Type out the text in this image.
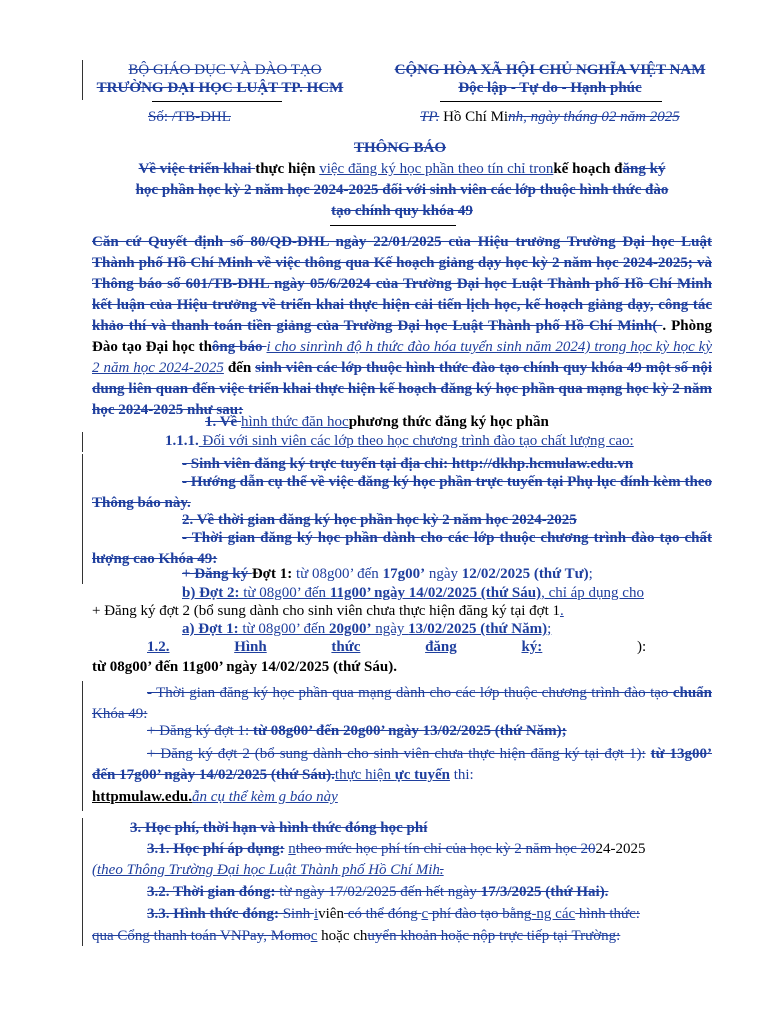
BỘ GIÁO DỤC VÀ ĐÀO TẠO
TRƯỜNG ĐẠI HỌC LUẬT TP. HCM
CỘNG HÒA XÃ HỘI CHỦ NGHĨA VIỆT NAM
Độc lập - Tự do - Hạnh phúc
Số: /TB-ĐHL	TP. Hồ Chí Minh, ngày tháng 02 năm 2025
THÔNG BÁO
Về việc triển khai thực hiện việc đăng ký học phần theo tín chỉ tronkế hoạch đăng ký
học phần học kỳ 2 năm học 2024-2025 đối với sinh viên các lớp thuộc hình thức đào
tạo chính quy khóa 49
Căn cứ Quyết định số 80/QĐ-ĐHL ngày 22/01/2025 của Hiệu trưởng Trường Đại học Luật Thành phố Hồ Chí Minh về việc thông qua Kế hoạch giảng dạy học kỳ 2 năm học 2024-2025; và Thông báo số 601/TB-ĐHL ngày 05/6/2024 của Trường Đại học Luật Thành phố Hồ Chí Minh kết luận của Hiệu trưởng về triển khai thực hiện cải tiến lịch học, kế hoạch giảng dạy, công tác khảo thí và thanh toán tiền giảng của Trường Đại học Luật Thành phố Hồ Chí Minh( . Phòng Đào tạo Đại học thông báo i cho sinrình độ h thức đào hóa tuyển sinh năm 2024) trong học kỳ học kỳ 2 năm học 2024-2025 đến sinh viên các lớp thuộc hình thức đào tạo chính quy khóa 49 một số nội dung liên quan đến việc triển khai thực hiện kế hoạch đăng ký học phần qua mạng học kỳ 2 năm học 2024-2025 như sau:
1. Về hình thức đăn hocphương thức đăng ký học phần
1.1.1. Đối với sinh viên các lớp theo học chương trình đào tạo chất lượng cao:
- Sinh viên đăng ký trực tuyến tại địa chỉ: http://dkhp.hcmulaw.edu.vn
- Hướng dẫn cụ thể về việc đăng ký học phần trực tuyến tại Phụ lục đính kèm theo Thông báo này.
2. Về thời gian đăng ký học phần học kỳ 2 năm học 2024-2025
- Thời gian đăng ký học phần dành cho các lớp thuộc chương trình đào tạo chất lượng cao Khóa 49:
+ Đăng ký Đợt 1: từ 08g00’ đến 17g00’ ngày 12/02/2025 (thứ Tư);
b) Đợt 2: từ 08g00’ đến 11g00’ ngày 14/02/2025 (thứ Sáu), chỉ áp dụng cho
+ Đăng ký đợt 2 (bổ sung dành cho sinh viên chưa thực hiện đăng ký tại đợt 1.
a) Đợt 1: từ 08g00’ đến 20g00’ ngày 13/02/2025 (thứ Năm);
1.2.	Hình	thức	đăng	ký:	):
từ 08g00’ đến 11g00’ ngày 14/02/2025 (thứ Sáu).
- Thời gian đăng ký học phần qua mạng dành cho các lớp thuộc chương trình đào tạo chuẩn Khóa 49:
+ Đăng ký đợt 1: từ 08g00’ đến 20g00’ ngày 13/02/2025 (thứ Năm);
+ Đăng ký đợt 2 (bổ sung dành cho sinh viên chưa thực hiện đăng ký tại đợt 1): từ 13g00’ đến 17g00’ ngày 14/02/2025 (thứ Sáu).thực hiện ực tuyến thi:
httpmulaw.edu.ẫn cụ thể kèm g báo này
3. Học phí, thời hạn và hình thức đóng học phí
3.1. Học phí áp dụng: ntheo mức học phí tín chỉ của học kỳ 2 năm học 2024-2025
(theo Thông Trường Đại học Luật Thành phố Hồ Chí Mih.
3.2. Thời gian đóng: từ ngày 17/02/2025 đến hết ngày 17/3/2025 (thứ Hai).
3.3. Hình thức đóng: Sinh iviên có thể đóng c phí đào tạo bằng-ng các hình thức:
qua Cổng thanh toán VNPay, Momoc hoặc chuyển khoản hoặc nộp trực tiếp tại Trường:
